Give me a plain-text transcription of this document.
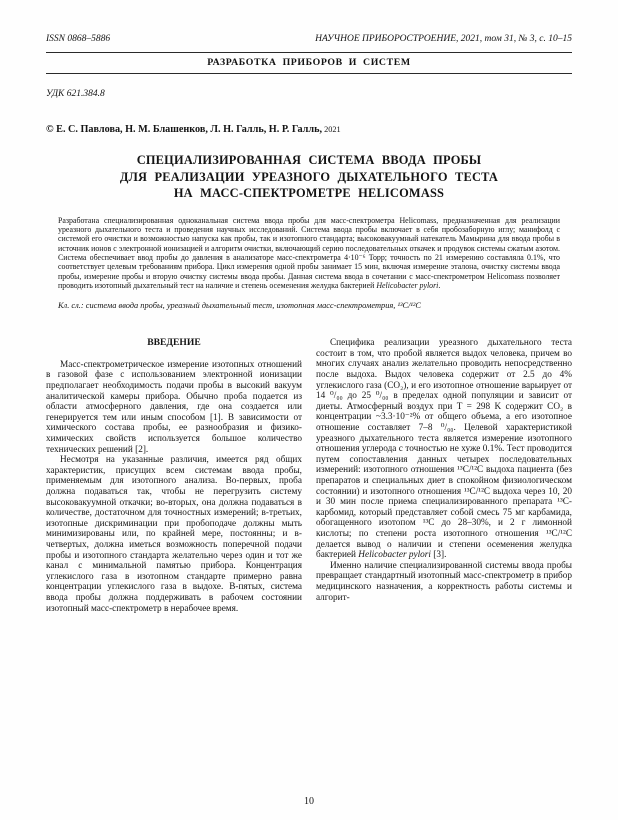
ISSN 0868–5886	НАУЧНОЕ ПРИБОРОСТРОЕНИЕ, 2021, том 31, № 3, с. 10–15
РАЗРАБОТКА ПРИБОРОВ И СИСТЕМ
УДК 621.384.8
© Е. С. Павлова, Н. М. Блашенков, Л. Н. Галль, Н. Р. Галль, 2021
СПЕЦИАЛИЗИРОВАННАЯ СИСТЕМА ВВОДА ПРОБЫ
ДЛЯ РЕАЛИЗАЦИИ УРЕАЗНОГО ДЫХАТЕЛЬНОГО ТЕСТА
НА МАСС-СПЕКТРОМЕТРЕ HELICOMASS
Разработана специализированная одноканальная система ввода пробы для масс-спектрометра Helicomass, предназначенная для реализации уреазного дыхательного теста и проведения научных исследований. Система ввода пробы включает в себя пробозаборную иглу; манифолд с системой его очистки и возможностью напуска как пробы, так и изотопного стандарта; высоковакуумный натекатель Мамырина для ввода пробы в источник ионов с электронной ионизацией и алгоритм очистки, включающий серию последовательных откачек и продувок системы сжатым азотом. Система обеспечивает ввод пробы до давления в анализаторе масс-спектрометра 4·10⁻⁶ Торр; точность по 21 измерению составляла 0.1%, что соответствует целевым требованиям прибора. Цикл измерения одной пробы занимает 15 мин, включая измерение эталона, очистку системы ввода пробы, измерение пробы и вторую очистку системы ввода пробы. Данная система ввода в сочетании с масс-спектрометром Helicomass позволяет проводить изотопный дыхательный тест на наличие и степень осеменения желудка бактерией Helicobacter pylori.
Кл. сл.: система ввода пробы, уреазный дыхательный тест, изотопная масс-спектрометрия, ¹³C/¹²C
ВВЕДЕНИЕ

Масс-спектрометрическое измерение изотопных отношений в газовой фазе с использованием электронной ионизации предполагает необходимость подачи пробы в высокий вакуум аналитической камеры прибора. Обычно проба подается из области атмосферного давления, где она создается или генерируется тем или иным способом [1]. В зависимости от химического состава пробы, ее разнообразия и физико-химических свойств используется большое количество технических решений [2].

Несмотря на указанные различия, имеется ряд общих характеристик, присущих всем системам ввода пробы, применяемым для изотопного анализа. Во-первых, проба должна подаваться так, чтобы не перегрузить систему высоковакуумной откачки; во-вторых, она должна подаваться в количестве, достаточном для точностных измерений; в-третьих, изотопные дискриминации при пробоподаче должны мыть минимизированы или, по крайней мере, постоянны; и в-четвертых, должна иметься возможность поперечной подачи пробы и изотопного стандарта желательно через один и тот же канал с минимальной памятью прибора. Концентрация углекислого газа в изотопном стандарте примерно равна концентрации углекислого газа в выдохе. В-пятых, система ввода пробы должна поддерживать в рабочем состоянии изотопный масс-спектрометр в нерабочее время.

Специфика реализации уреазного дыхательного теста состоит в том, что пробой является выдох человека, причем во многих случаях анализ желательно проводить непосредственно после выдоха. Выдох человека содержит от 2.5 до 4% углекислого газа (CO₂), и его изотопное отношение варьирует от 14 ⁰/₀₀ до 25 ⁰/₀₀ в пределах одной популяции и зависит от диеты. Атмосферный воздух при T = 298 K содержит CO₂ в концентрации ~3.3·10⁻²% от общего объема, а его изотопное отношение составляет 7–8 ⁰/₀₀. Целевой характеристикой уреазного дыхательного теста является измерение изотопного отношения углерода с точностью не хуже 0.1%. Тест проводится путем сопоставления данных четырех последовательных измерений: изотопного отношения ¹³C/¹²C выдоха пациента (без препаратов и специальных диет в спокойном физиологическом состоянии) и изотопного отношения ¹³C/¹²C выдоха через 10, 20 и 30 мин после приема специализированного препарата ¹³C-карбомид, который представляет собой смесь 75 мг карбамида, обогащенного изотопом ¹³C до 28–30%, и 2 г лимонной кислоты; по степени роста изотопного отношения ¹³C/¹²C делается вывод о наличии и степени осеменения желудка бактерией Helicobacter pylori [3].

Именно наличие специализированной системы ввода пробы превращает стандартный изотопный масс-спектрометр в прибор медицинского назначения, а корректность работы системы и алгорит-

10
